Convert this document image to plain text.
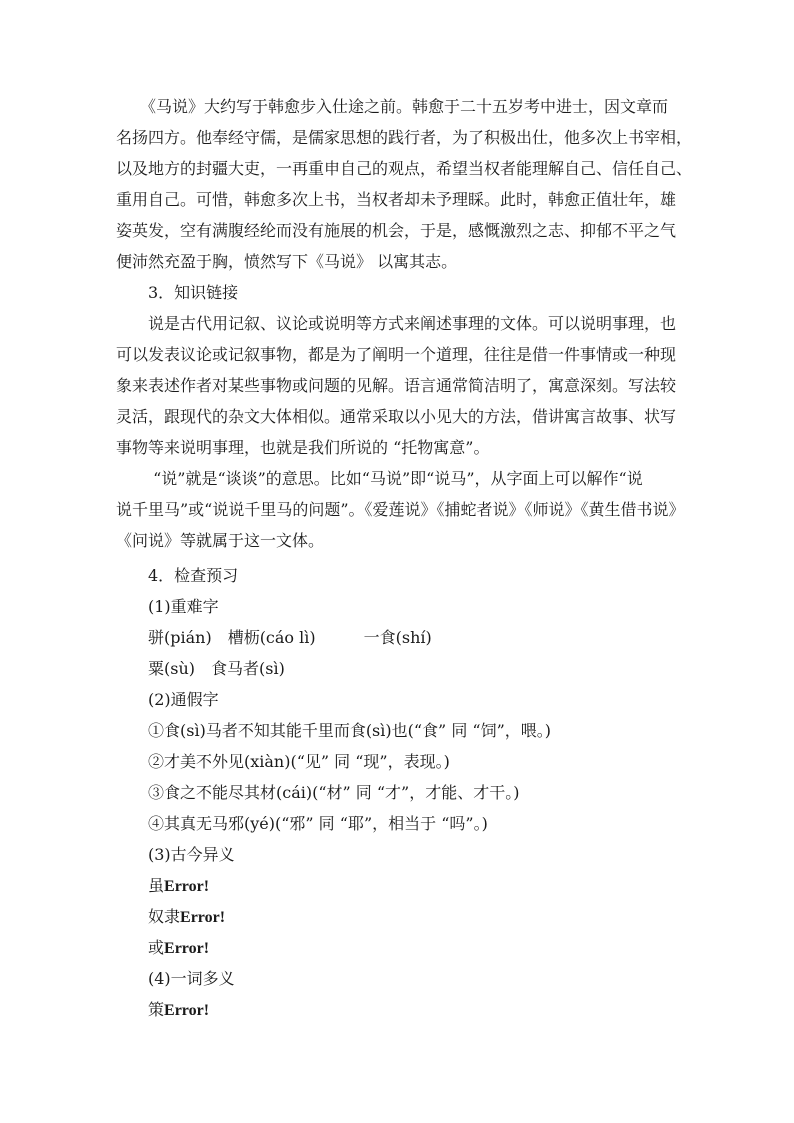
　　《马说》大约写于韩愈步入仕途之前。韩愈于二十五岁考中进士，因文章而
名扬四方。他奉经守儒，是儒家思想的践行者，为了积极出仕，他多次上书宰相，
以及地方的封疆大吏，一再重申自己的观点，希望当权者能理解自己、信任自己、
重用自己。可惜，韩愈多次上书，当权者却未予理睬。此时，韩愈正值壮年，雄
姿英发，空有满腹经纶而没有施展的机会，于是，感慨激烈之志、抑郁不平之气
便沛然充盈于胸，愤然写下《马说》 以寓其志。
　　3．知识链接
　　说是古代用记叙、议论或说明等方式来阐述事理的文体。可以说明事理，也
可以发表议论或记叙事物，都是为了阐明一个道理，往往是借一件事情或一种现
象来表述作者对某些事物或问题的见解。语言通常简洁明了，寓意深刻。写法较
灵活，跟现代的杂文大体相似。通常采取以小见大的方法，借讲寓言故事、状写
事物等来说明事理，也就是我们所说的 “托物寓意”。
　　 “说”就是“谈谈”的意思。比如“马说”即“说马”，从字面上可以解作“说
说千里马”或“说说千里马的问题”。《爱莲说》《捕蛇者说》《师说》《黄生借书说》
《问说》等就属于这一文体。
　　4．检查预习
　　(1)重难字
　　骈(pián)　槽枥(cáo lì)　　　一食(shí)
　　粟(sù)　食马者(sì)
　　(2)通假字
　　①食(sì)马者不知其能千里而食(sì)也(“食” 同 “饲”，喂。)
　　②才美不外见(xiàn)(“见” 同 “现”，表现。)
　　③食之不能尽其材(cái)(“材” 同 “才”，才能、才干。)
　　④其真无马邪(yé)(“邪” 同 “耶”，相当于 “吗”。)
　　(3)古今异义
　　虽Error!
　　奴隶Error!
　　或Error!
　　(4)一词多义
　　策Error!
